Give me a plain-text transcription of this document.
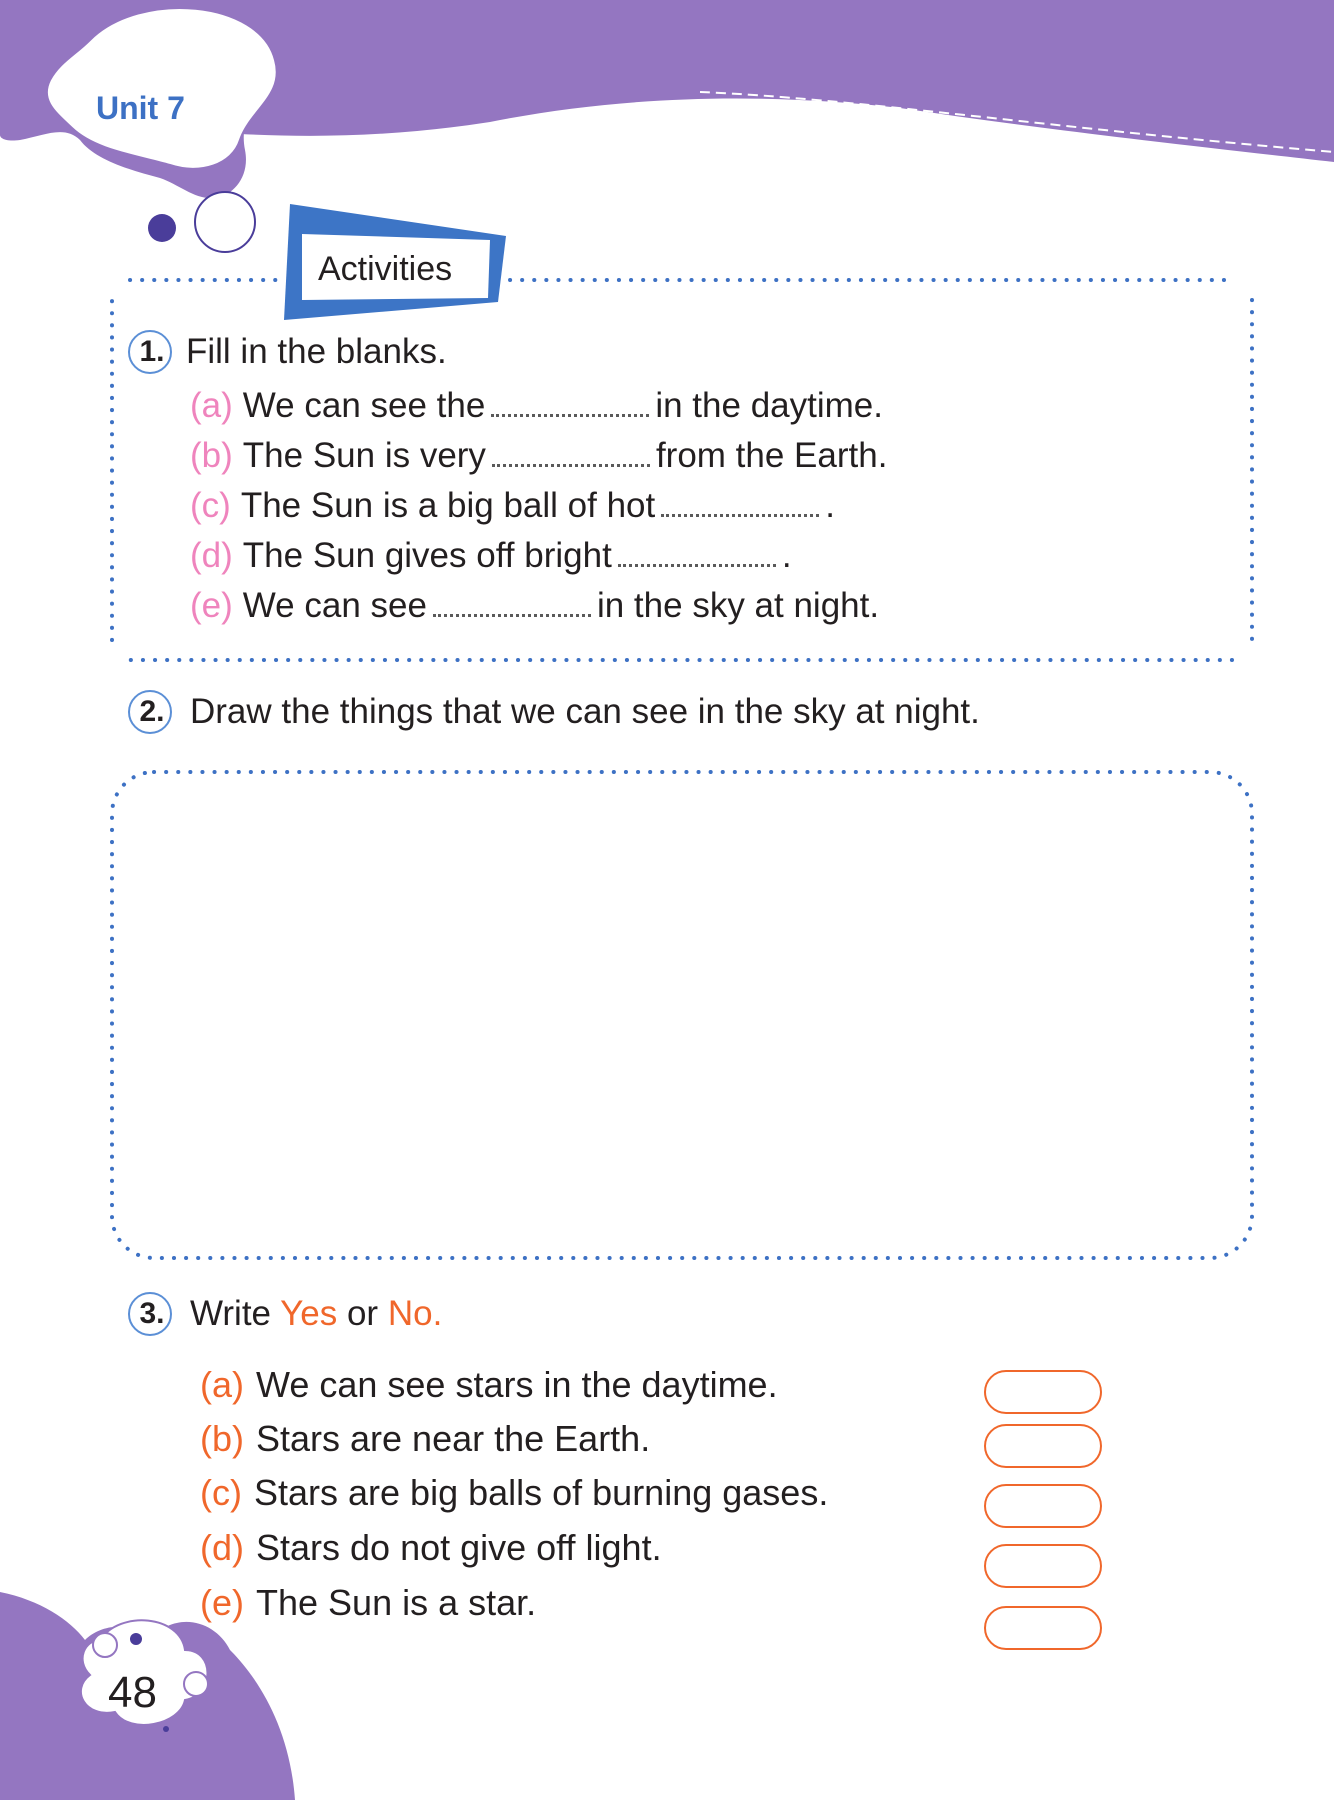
Unit 7
Activities
1. Fill in the blanks.
(a) We can see the	in the daytime.
(b) The Sun is very	from the Earth.
(c) The Sun is a big ball of hot	.
(d) The Sun gives off bright	.
(e) We can see	in the sky at night.
2. Draw the things that we can see in the sky at night.
3. Write Yes or No.
(a) We can see stars in the daytime.
(b) Stars are near the Earth.
(c) Stars are big balls of burning gases.
(d) Stars do not give off light.
(e) The Sun is a star.
48
